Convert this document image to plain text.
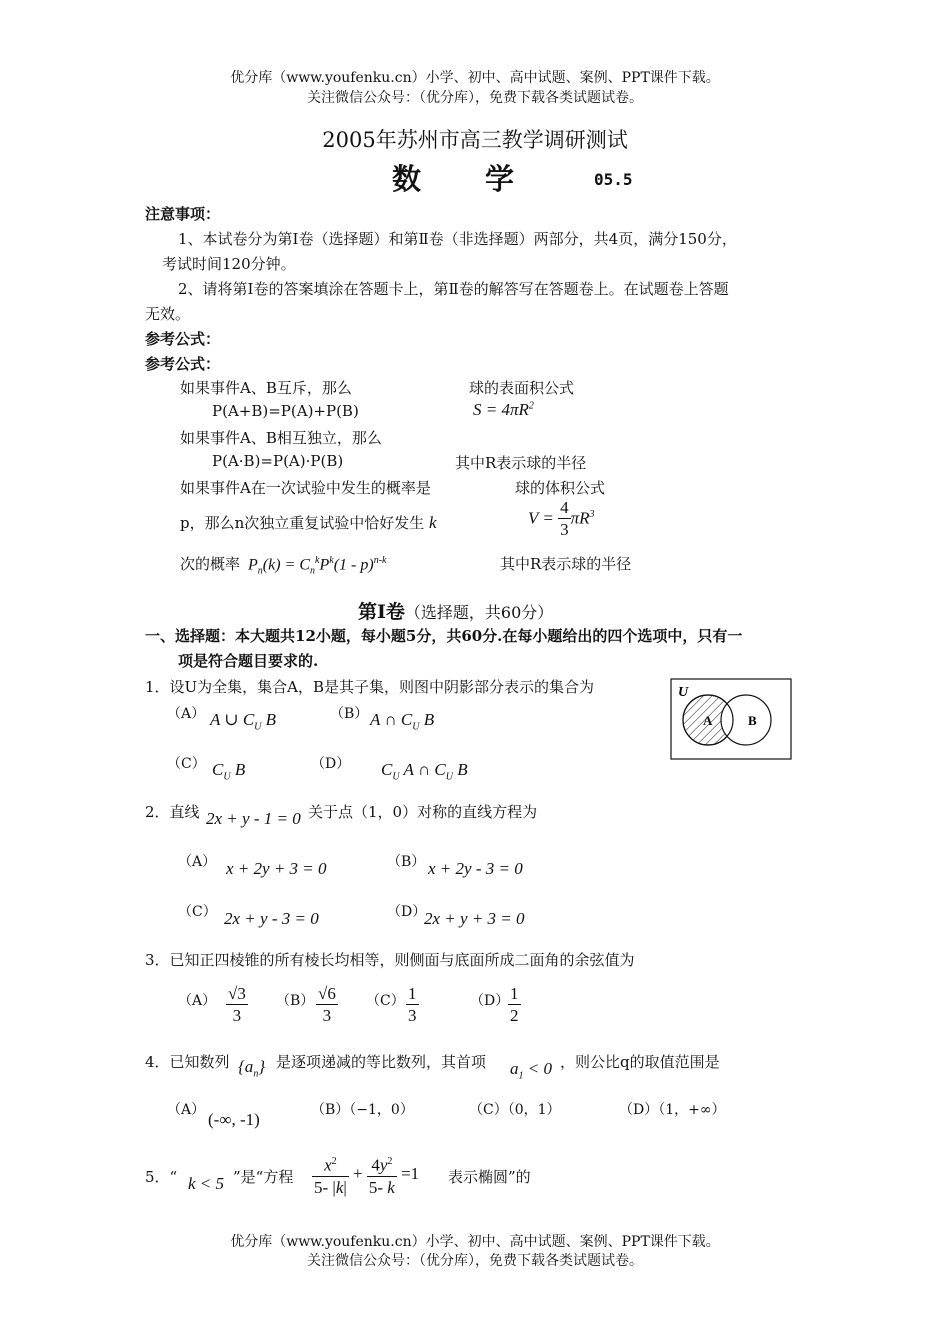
优分库（www.youfenku.cn）小学、初中、高中试题、案例、PPT课件下载。
关注微信公众号：（优分库），免费下载各类试题试卷。
2005年苏州市高三教学调研测试
数　　学	05.5
注意事项：
1、本试卷分为第Ⅰ卷（选择题）和第Ⅱ卷（非选择题）两部分，共4页，满分150分，
考试时间120分钟。
2、请将第Ⅰ卷的答案填涂在答题卡上，第Ⅱ卷的解答写在答题卷上。在试题卷上答题
无效。
参考公式：
参考公式：
如果事件A、B互斥，那么
P(A+B)=P(A)+P(B)
如果事件A、B相互独立，那么
P(A·B)=P(A)·P(B)
如果事件A在一次试验中发生的概率是
p，那么n次独立重复试验中恰好发生 k
次的概率 $P_n(k) = C_n^kP^k(1 - p)^{n-k}$
球的表面积公式
$S = 4\pi R^2$
其中R表示球的半径
球的体积公式
$V = \frac{4}{3} \pi R^3$
其中R表示球的半径
第Ⅰ卷（选择题，共60分）
一、选择题：本大题共12小题，每小题5分，共60分.在每小题给出的四个选项中，只有一
项是符合题目要求的.
1．设U为全集，集合A，B是其子集，则图中阴影部分表示的集合为
（A） A ∪ $C_U$ B	（B） A ∩ $C_U$ B
（C） $C_U$ B	（D） $C_U$ A ∩ $C_U$ B
U
A	B
2．直线 2x + y - 1 = 0 关于点（1，0）对称的直线方程为
（A） x + 2y + 3 = 0	（B） x + 2y - 3 = 0
（C） 2x + y - 3 = 0	（D）
2x + y + 3 = 0
3．已知正四棱锥的所有棱长均相等，则侧面与底面所成二面角的余弦值为
$(A) \frac{√3}{3} (B) \frac{√6}{3} (C) \frac{1}{3}$	（D）
$\frac{1}{2}$
4．已知数列 $\{a_n\}$ 是逐项递减的等比数列，其首项 $a_1 < 0$ ，则公比q的取值范围是
（A） (-∞, -1)	（B）（−1，0）	（C）（0，1）	（D）（1，+∞）
5．“ k < 5 ”是“方程 $\frac{x^2}{5- |k|} + \frac{4y^2}{5- k} =1$ 表示椭圆”的
优分库（www.youfenku.cn）小学、初中、高中试题、案例、PPT课件下载。
关注微信公众号：（优分库），免费下载各类试题试卷。
